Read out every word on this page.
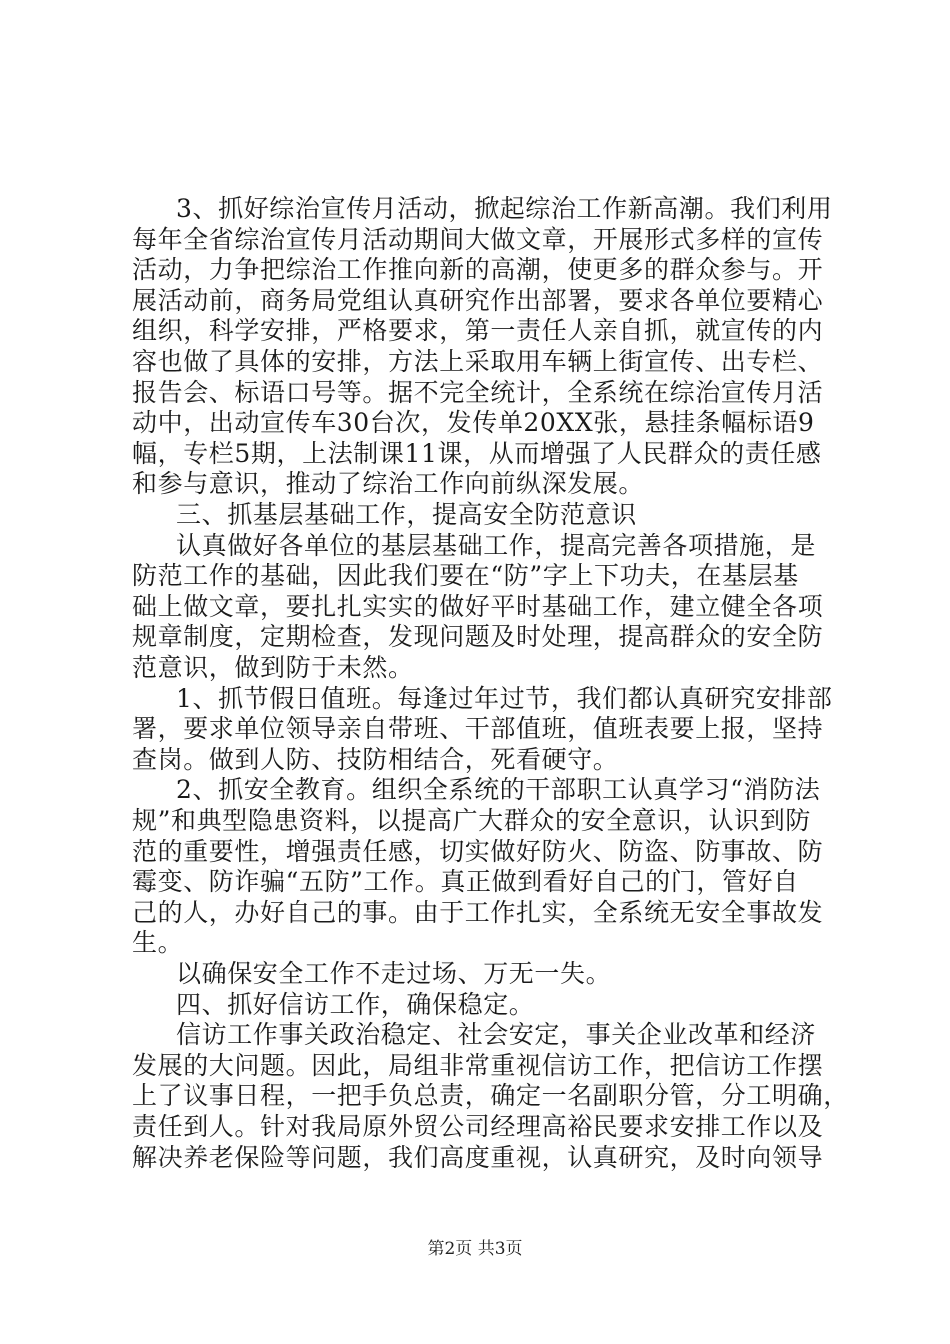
3、抓好综治宣传月活动，掀起综治工作新高潮。我们利用
每年全省综治宣传月活动期间大做文章，开展形式多样的宣传
活动，力争把综治工作推向新的高潮，使更多的群众参与。开
展活动前，商务局党组认真研究作出部署，要求各单位要精心
组织，科学安排，严格要求，第一责任人亲自抓，就宣传的内
容也做了具体的安排，方法上采取用车辆上街宣传、出专栏、
报告会、标语口号等。据不完全统计，全系统在综治宣传月活
动中，出动宣传车30台次，发传单20XX张，悬挂条幅标语9
幅，专栏5期，上法制课11课，从而增强了人民群众的责任感
和参与意识，推动了综治工作向前纵深发展。
三、抓基层基础工作，提高安全防范意识
认真做好各单位的基层基础工作，提高完善各项措施，是
防范工作的基础，因此我们要在“防”字上下功夫，在基层基
础上做文章，要扎扎实实的做好平时基础工作，建立健全各项
规章制度，定期检查，发现问题及时处理，提高群众的安全防
范意识，做到防于未然。
1、抓节假日值班。每逢过年过节，我们都认真研究安排部
署，要求单位领导亲自带班、干部值班，值班表要上报，坚持
查岗。做到人防、技防相结合，死看硬守。
2、抓安全教育。组织全系统的干部职工认真学习“消防法
规”和典型隐患资料，以提高广大群众的安全意识，认识到防
范的重要性，增强责任感，切实做好防火、防盗、防事故、防
霉变、防诈骗“五防”工作。真正做到看好自己的门，管好自
己的人，办好自己的事。由于工作扎实，全系统无安全事故发
生。
以确保安全工作不走过场、万无一失。
四、抓好信访工作，确保稳定。
信访工作事关政治稳定、社会安定，事关企业改革和经济
发展的大问题。因此，局组非常重视信访工作，把信访工作摆
上了议事日程，一把手负总责，确定一名副职分管，分工明确，
责任到人。针对我局原外贸公司经理高裕民要求安排工作以及
解决养老保险等问题，我们高度重视，认真研究，及时向领导
第2页 共3页
